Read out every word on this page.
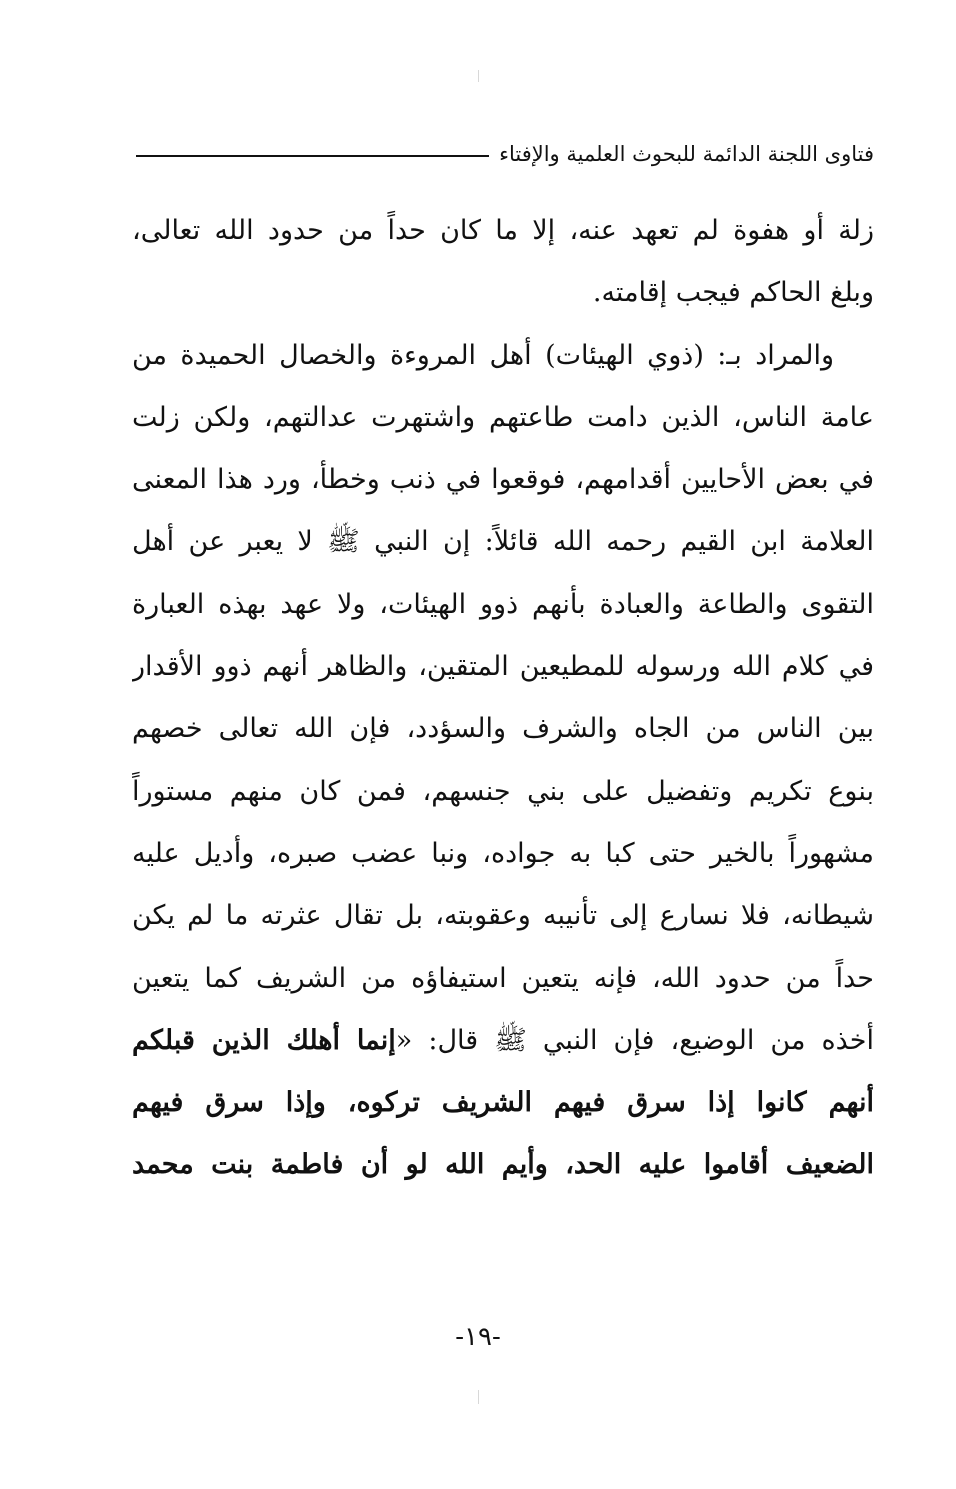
فتاوى اللجنة الدائمة للبحوث العلمية والإفتاء
زلة أو هفوة لم تعهد عنه، إلا ما كان حداً من حدود الله تعالى،
وبلغ الحاكم فيجب إقامته.
والمراد بـ: (ذوي الهيئات) أهل المروءة والخصال الحميدة من
عامة الناس، الذين دامت طاعتهم واشتهرت عدالتهم، ولكن زلت
في بعض الأحايين أقدامهم، فوقعوا في ذنب وخطأ، ورد هذا المعنى
العلامة ابن القيم رحمه الله قائلاً: إن النبي ﷺ لا يعبر عن أهل
التقوى والطاعة والعبادة بأنهم ذوو الهيئات، ولا عهد بهذه العبارة
في كلام الله ورسوله للمطيعين المتقين، والظاهر أنهم ذوو الأقدار
بين الناس من الجاه والشرف والسؤدد، فإن الله تعالى خصهم
بنوع تكريم وتفضيل على بني جنسهم، فمن كان منهم مستوراً
مشهوراً بالخير حتى كبا به جواده، ونبا عضب صبره، وأديل عليه
شيطانه، فلا نسارع إلى تأنيبه وعقوبته، بل تقال عثرته ما لم يكن
حداً من حدود الله، فإنه يتعين استيفاؤه من الشريف كما يتعين
أخذه من الوضيع، فإن النبي ﷺ قال: «إنما أهلك الذين قبلكم
أنهم كانوا إذا سرق فيهم الشريف تركوه، وإذا سرق فيهم
الضعيف أقاموا عليه الحد، وأيم الله لو أن فاطمة بنت محمد
-١٩-
